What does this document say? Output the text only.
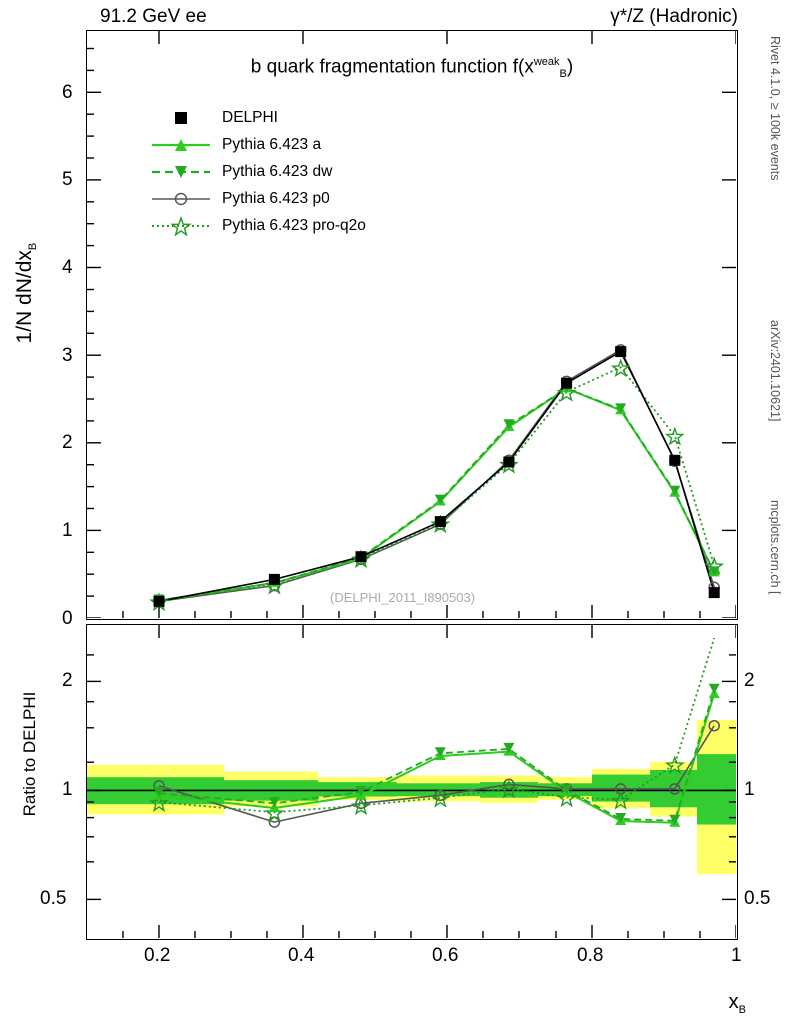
91.2 GeV ee	γ*/Z (Hadronic)
Rivet 4.1.0, ≥ 100k events
arXiv:2401.10621]
mcplots.cern.ch [
b quark fragmentation function $f(x^{weak}_B)$
1/N $dN/dx_B$
0
1
2
3
4
5
6
DELPHI
Pythia 6.423 a
Pythia 6.423 dw
Pythia 6.423 p0
Pythia 6.423 pro-q2o
(DELPHI_2011_I890503)
Ratio to DELPHI
0.5
1
2
0.5
1
2
0.2	0.4	0.6	0.8	1
$x_B$
